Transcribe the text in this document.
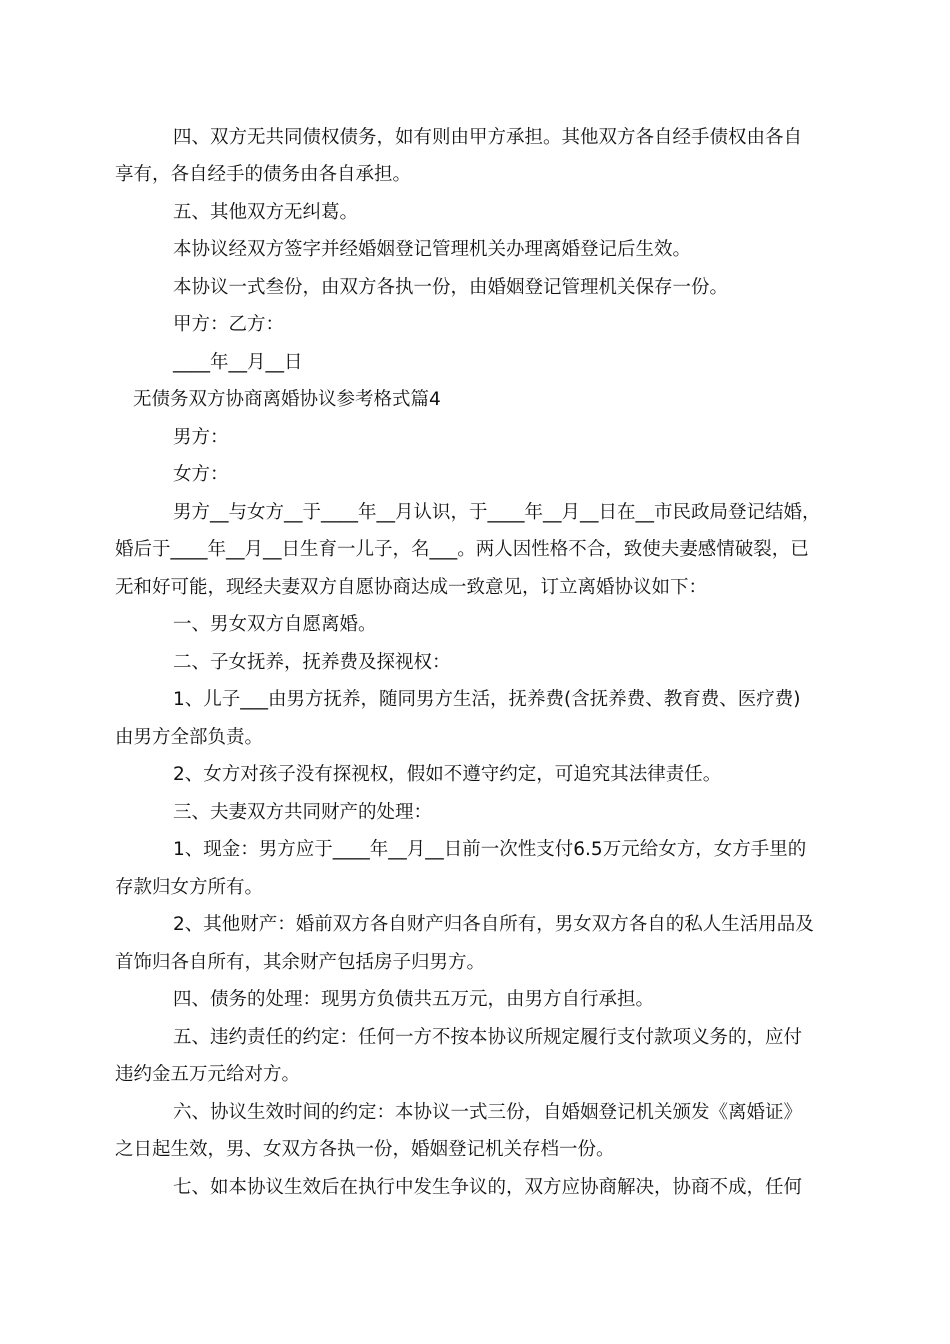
四、双方无共同债权债务，如有则由甲方承担。其他双方各自经手债权由各自
享有，各自经手的债务由各自承担。
五、其他双方无纠葛。
本协议经双方签字并经婚姻登记管理机关办理离婚登记后生效。
本协议一式叁份，由双方各执一份，由婚姻登记管理机关保存一份。
甲方：乙方：
____年__月__日
无债务双方协商离婚协议参考格式篇4
男方：
女方：
男方__与女方__于____年__月认识，于____年__月__日在__市民政局登记结婚，
婚后于____年__月__日生育一儿子，名___。两人因性格不合，致使夫妻感情破裂，已
无和好可能，现经夫妻双方自愿协商达成一致意见，订立离婚协议如下：
一、男女双方自愿离婚。
二、子女抚养，抚养费及探视权：
1、儿子___由男方抚养，随同男方生活，抚养费(含抚养费、教育费、医疗费)
由男方全部负责。
2、女方对孩子没有探视权，假如不遵守约定，可追究其法律责任。
三、夫妻双方共同财产的处理：
1、现金：男方应于____年__月__日前一次性支付6.5万元给女方，女方手里的
存款归女方所有。
2、其他财产：婚前双方各自财产归各自所有，男女双方各自的私人生活用品及
首饰归各自所有，其余财产包括房子归男方。
四、债务的处理：现男方负债共五万元，由男方自行承担。
五、违约责任的约定：任何一方不按本协议所规定履行支付款项义务的，应付
违约金五万元给对方。
六、协议生效时间的约定：本协议一式三份，自婚姻登记机关颁发《离婚证》
之日起生效，男、女双方各执一份，婚姻登记机关存档一份。
七、如本协议生效后在执行中发生争议的，双方应协商解决，协商不成，任何
